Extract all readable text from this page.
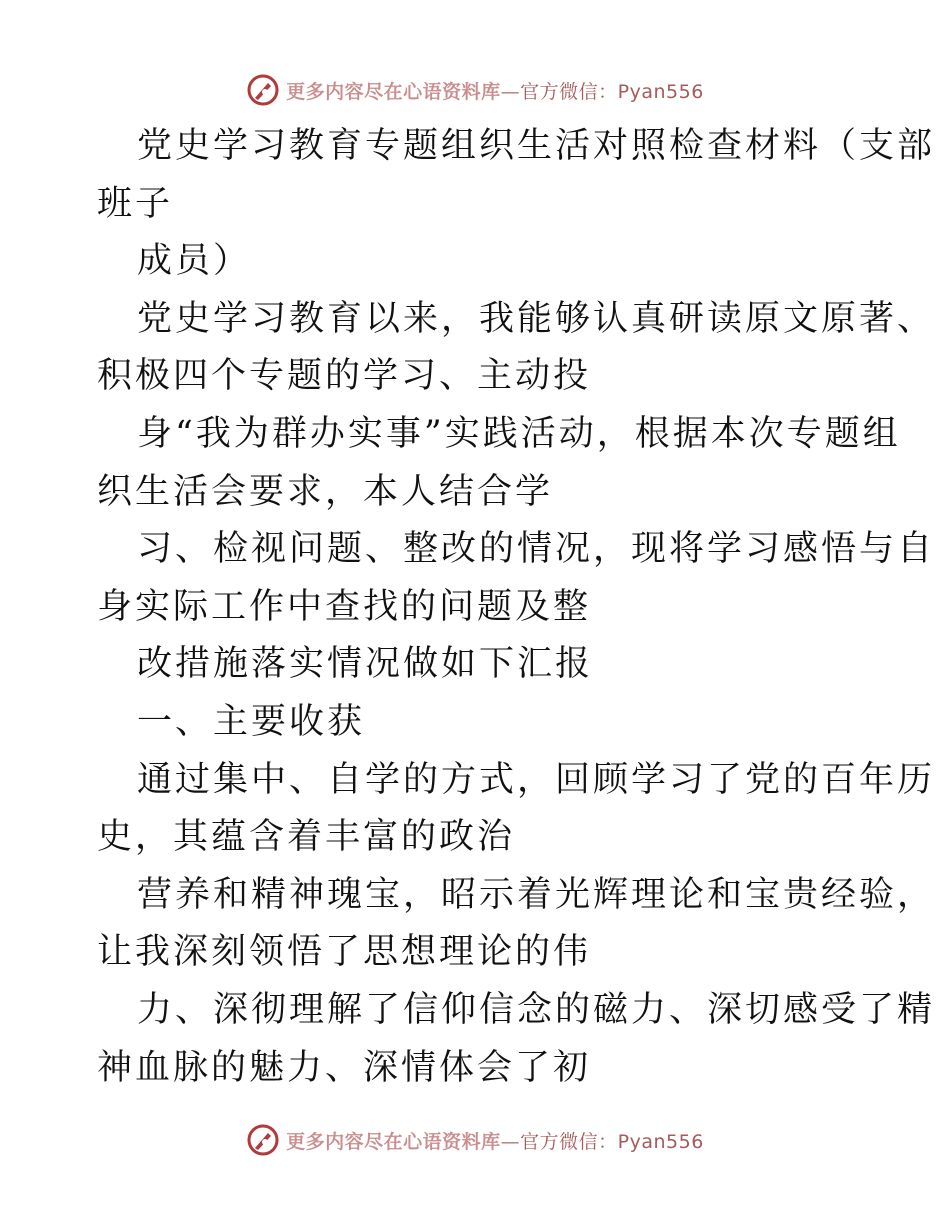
更多内容尽在心语资料库—官方微信：Pyan556
党史学习教育专题组织生活对照检查材料（支部
班子
成员）
党史学习教育以来，我能够认真研读原文原著、
积极四个专题的学习、主动投
身“我为群办实事”实践活动，根据本次专题组
织生活会要求，本人结合学
习、检视问题、整改的情况，现将学习感悟与自
身实际工作中查找的问题及整
改措施落实情况做如下汇报
一、主要收获
通过集中、自学的方式，回顾学习了党的百年历
史，其蕴含着丰富的政治
营养和精神瑰宝，昭示着光辉理论和宝贵经验，
让我深刻领悟了思想理论的伟
力、深彻理解了信仰信念的磁力、深切感受了精
神血脉的魅力、深情体会了初
更多内容尽在心语资料库—官方微信：Pyan556
